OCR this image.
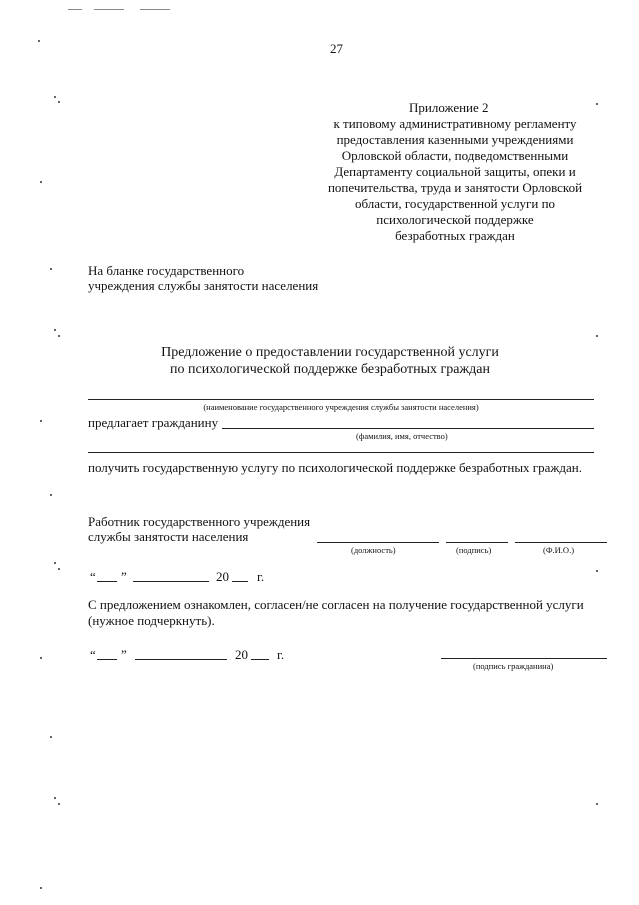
27
Приложение 2
к типовому административному регламенту
предоставления казенными учреждениями
Орловской области, подведомственными
Департаменту социальной защиты, опеки и
попечительства, труда и занятости Орловской
области, государственной услуги по
психологической поддержке
безработных граждан
На бланке государственного
учреждения службы занятости населения
Предложение о предоставлении государственной услуги
по психологической поддержке безработных граждан
(наименование государственного учреждения службы занятости населения)
предлагает гражданину
(фамилия, имя, отчество)
получить государственную услугу по психологической поддержке безработных граждан.
Работник государственного учреждения
службы занятости населения
(должность)	(подпись)	(Ф.И.О.)
“ ”	20 г.
С предложением ознакомлен, согласен/не согласен на получение государственной услуги
(нужное подчеркнуть).
“ ”	20 г.
(подпись гражданина)
